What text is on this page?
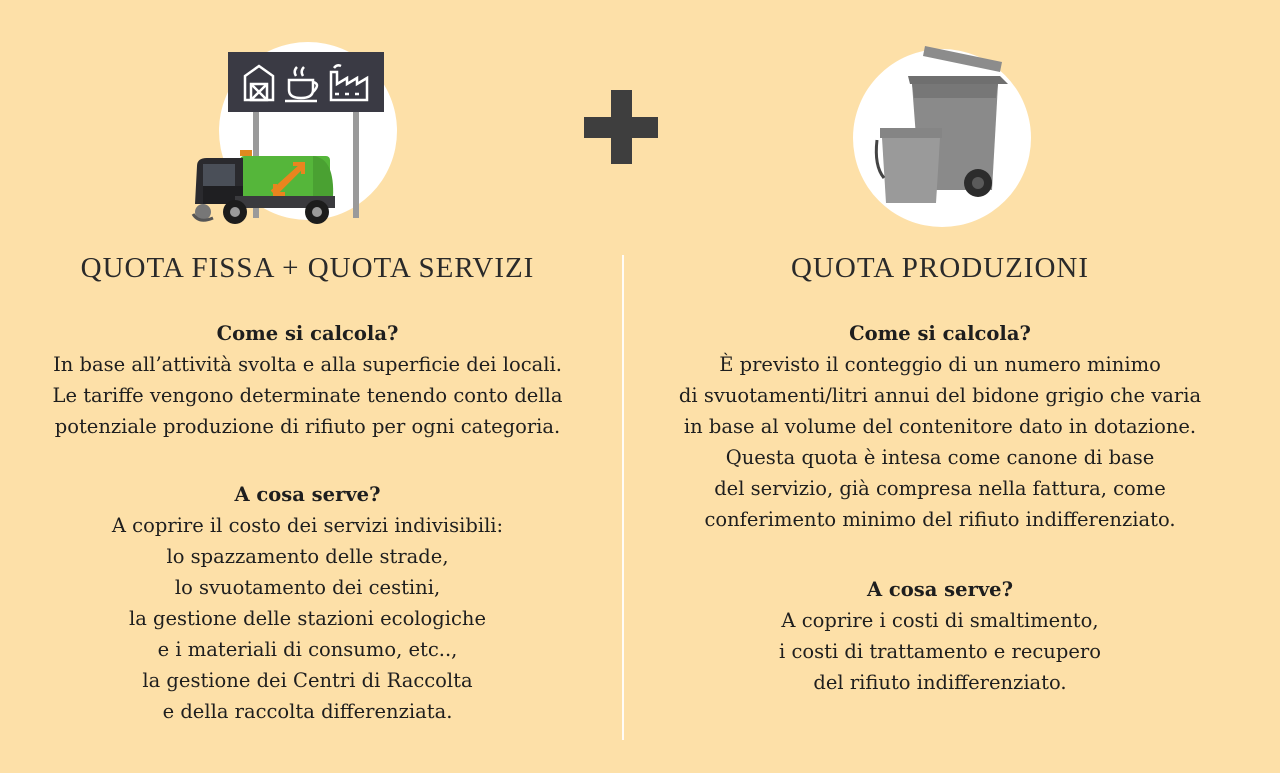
QUOTA FISSA + QUOTA SERVIZI	QUOTA PRODUZIONI
Come si calcola?
In base all’attività svolta e alla superficie dei locali.
Le tariffe vengono determinate tenendo conto della
potenziale produzione di rifiuto per ogni categoria.
A cosa serve?
A coprire il costo dei servizi indivisibili:
lo spazzamento delle strade,
lo svuotamento dei cestini,
la gestione delle stazioni ecologiche
e i materiali di consumo, etc..,
la gestione dei Centri di Raccolta
e della raccolta differenziata.
Come si calcola?
È previsto il conteggio di un numero minimo
di svuotamenti/litri annui del bidone grigio che varia
in base al volume del contenitore dato in dotazione.
Questa quota è intesa come canone di base
del servizio, già compresa nella fattura, come
conferimento minimo del rifiuto indifferenziato.
A cosa serve?
A coprire i costi di smaltimento,
i costi di trattamento e recupero
del rifiuto indifferenziato.
